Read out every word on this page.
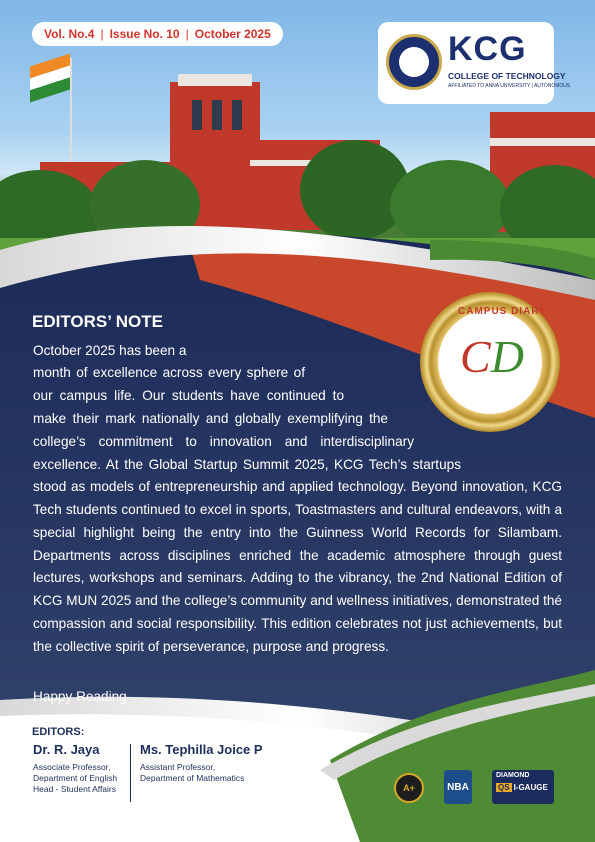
Vol. No.4 | Issue No. 10 | October 2025	KCG
COLLEGE OF TECHNOLOGY
AFFILIATED TO ANNA UNIVERSITY | AUTONOMOUS
CAMPUS DIARY
CD
EDITORS’ NOTE
October 2025 has been a
month of excellence across every sphere of
our campus life. Our students have continued to
make their mark nationally and globally exemplifying the
college’s commitment to innovation and interdisciplinary
excellence. At the Global Startup Summit 2025, KCG Tech’s startups
stood as models of entrepreneurship and applied technology. Beyond innovation, KCG
Tech students continued to excel in sports, Toastmasters and cultural endeavors, with a
special highlight being the entry into the Guinness World Records for Silambam.
Departments across disciplines enriched the academic atmosphere through guest
lectures, workshops and seminars. Adding to the vibrancy, the 2nd National Edition of
KCG MUN 2025 and the college’s community and wellness initiatives, demonstrated thé
compassion and social responsibility. This edition celebrates not just achievements, but
the collective spirit of perseverance, purpose and progress.
Happy Reading
EDITORS:
Dr. R. Jaya
Associate Professor,
Department of English
Head - Student Affairs
Ms. Tephilla Joice P
Assistant Professor,
Department of Mathematics
A+	NBA
DIAMOND
QS I-GAUGE
